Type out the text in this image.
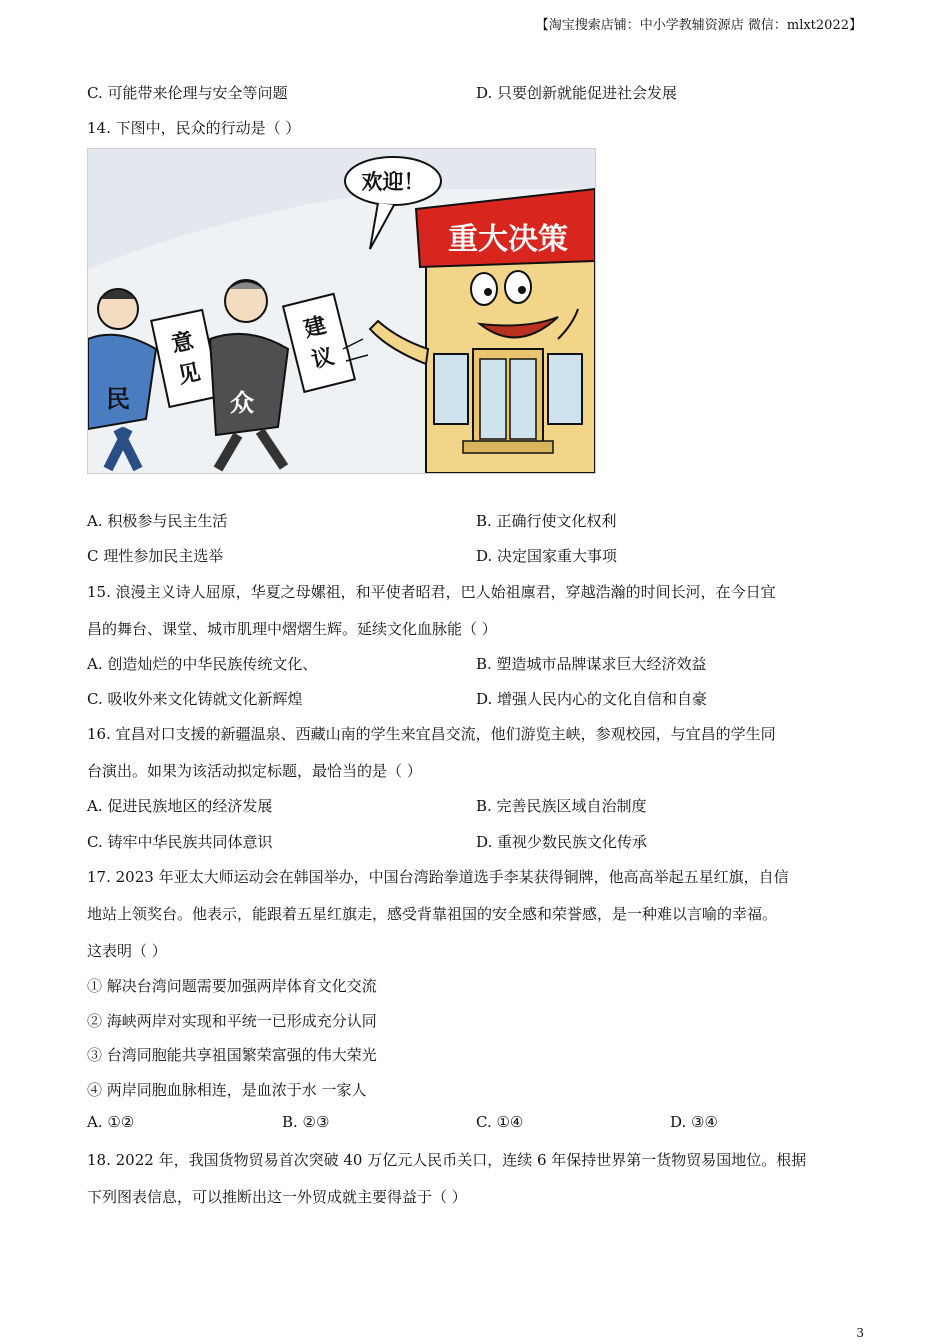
【淘宝搜索店铺：中小学教辅资源店 微信：mlxt2022】
C. 可能带来伦理与安全等问题	D. 只要创新就能促进社会发展
14. 下图中，民众的行动是（ ）
欢迎！
重大决策
民
意
见
众
建
议
A. 积极参与民主生活	B. 正确行使文化权利
C 理性参加民主选举	D. 决定国家重大事项
15. 浪漫主义诗人屈原，华夏之母嫘祖，和平使者昭君，巴人始祖廪君，穿越浩瀚的时间长河，在今日宜
昌的舞台、课堂、城市肌理中熠熠生辉。延续文化血脉能（ ）
A. 创造灿烂的中华民族传统文化、	B. 塑造城市品牌谋求巨大经济效益
C. 吸收外来文化铸就文化新辉煌	D. 增强人民内心的文化自信和自豪
16. 宜昌对口支援的新疆温泉、西藏山南的学生来宜昌交流，他们游览主峡，参观校园，与宜昌的学生同
台演出。如果为该活动拟定标题，最恰当的是（ ）
A. 促进民族地区的经济发展	B. 完善民族区域自治制度
C. 铸牢中华民族共同体意识	D. 重视少数民族文化传承
17. 2023 年亚太大师运动会在韩国举办，中国台湾跆拳道选手李某获得铜牌，他高高举起五星红旗，自信
地站上领奖台。他表示，能跟着五星红旗走，感受背靠祖国的安全感和荣誉感，是一种难以言喻的幸福。
这表明（ ）
① 解决台湾问题需要加强两岸体育文化交流
② 海峡两岸对实现和平统一已形成充分认同
③ 台湾同胞能共享祖国繁荣富强的伟大荣光
④ 两岸同胞血脉相连，是血浓于水 一家人
A. ①②	B. ②③	C. ①④	D. ③④
18. 2022 年，我国货物贸易首次突破 40 万亿元人民币关口，连续 6 年保持世界第一货物贸易国地位。根据
下列图表信息，可以推断出这一外贸成就主要得益于（ ）
3
